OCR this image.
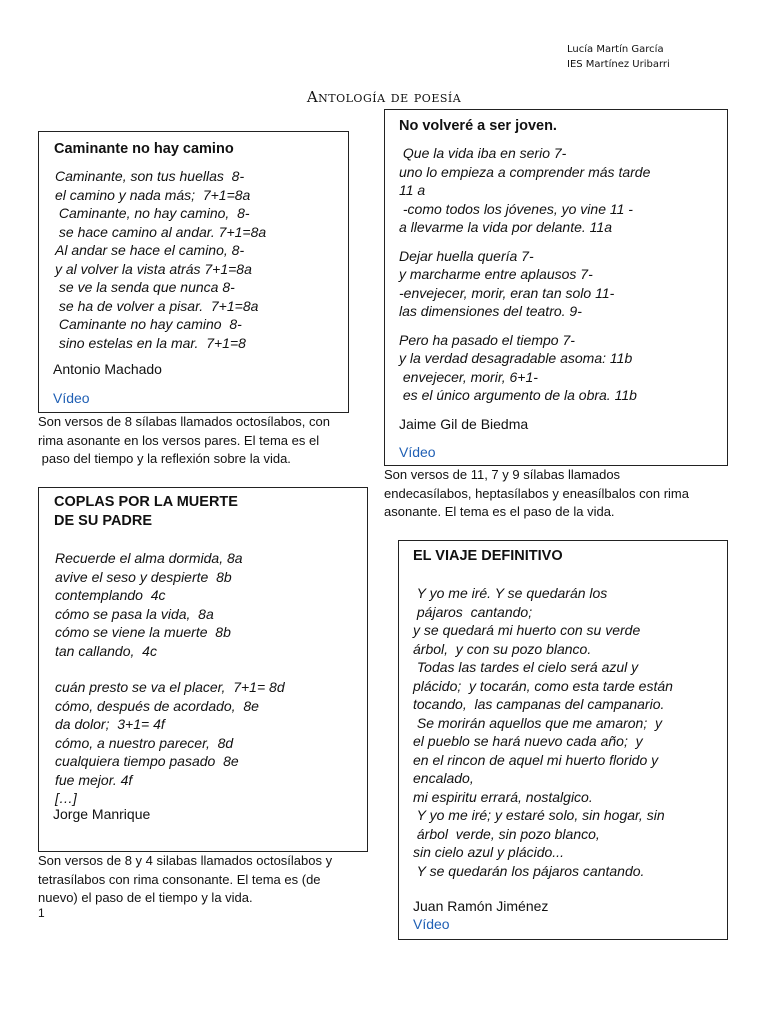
Lucía Martín García
IES Martínez Uribarri
Antología de poesía
Caminante no hay camino
Caminante, son tus huellas  8-
el camino y nada más;  7+1=8a
Caminante, no hay camino,  8-
se hace camino al andar. 7+1=8a
Al andar se hace el camino, 8-
y al volver la vista atrás 7+1=8a
se ve la senda que nunca 8-
se ha de volver a pisar.  7+1=8a
Caminante no hay camino  8-
sino estelas en la mar.  7+1=8
Antonio Machado
Vídeo
Son versos de 8 sílabas llamados octosílabos, con
rima asonante en los versos pares. El tema es el
paso del tiempo y la reflexión sobre la vida.
No volveré a ser joven.
Que la vida iba en serio 7-
uno lo empieza a comprender más tarde
11 a
-como todos los jóvenes, yo vine 11 -
a llevarme la vida por delante. 11a
Dejar huella quería 7-
y marcharme entre aplausos 7-
-envejecer, morir, eran tan solo 11-
las dimensiones del teatro. 9-
Pero ha pasado el tiempo 7-
y la verdad desagradable asoma: 11b
envejecer, morir, 6+1-
es el único argumento de la obra. 11b
Jaime Gil de Biedma
Vídeo
Son versos de 11, 7 y 9 sílabas llamados
endecasílabos, heptasílabos y eneasílbalos con rima
asonante. El tema es el paso de la vida.
COPLAS POR LA MUERTE
DE SU PADRE
Recuerde el alma dormida, 8a
avive el seso y despierte  8b
contemplando  4c
cómo se pasa la vida,  8a
cómo se viene la muerte  8b
tan callando,  4c
cuán presto se va el placer,  7+1= 8d
cómo, después de acordado,  8e
da dolor;  3+1= 4f
cómo, a nuestro parecer,  8d
cualquiera tiempo pasado  8e
fue mejor. 4f
[…]
Jorge Manrique
Son versos de 8 y 4 silabas llamados octosílabos y
tetrasílabos con rima consonante. El tema es (de
nuevo) el paso de el tiempo y la vida.
EL VIAJE DEFINITIVO
Y yo me iré. Y se quedarán los
pájaros  cantando;
y se quedará mi huerto con su verde
árbol,  y con su pozo blanco.
Todas las tardes el cielo será azul y
plácido;  y tocarán, como esta tarde están
tocando,  las campanas del campanario.
Se morirán aquellos que me amaron;  y
el pueblo se hará nuevo cada año;  y
en el rincon de aquel mi huerto florido y
encalado,
mi espiritu errará, nostalgico.
Y yo me iré; y estaré solo, sin hogar, sin
árbol  verde, sin pozo blanco,
sin cielo azul y plácido...
Y se quedarán los pájaros cantando.
Juan Ramón Jiménez
Vídeo
1
